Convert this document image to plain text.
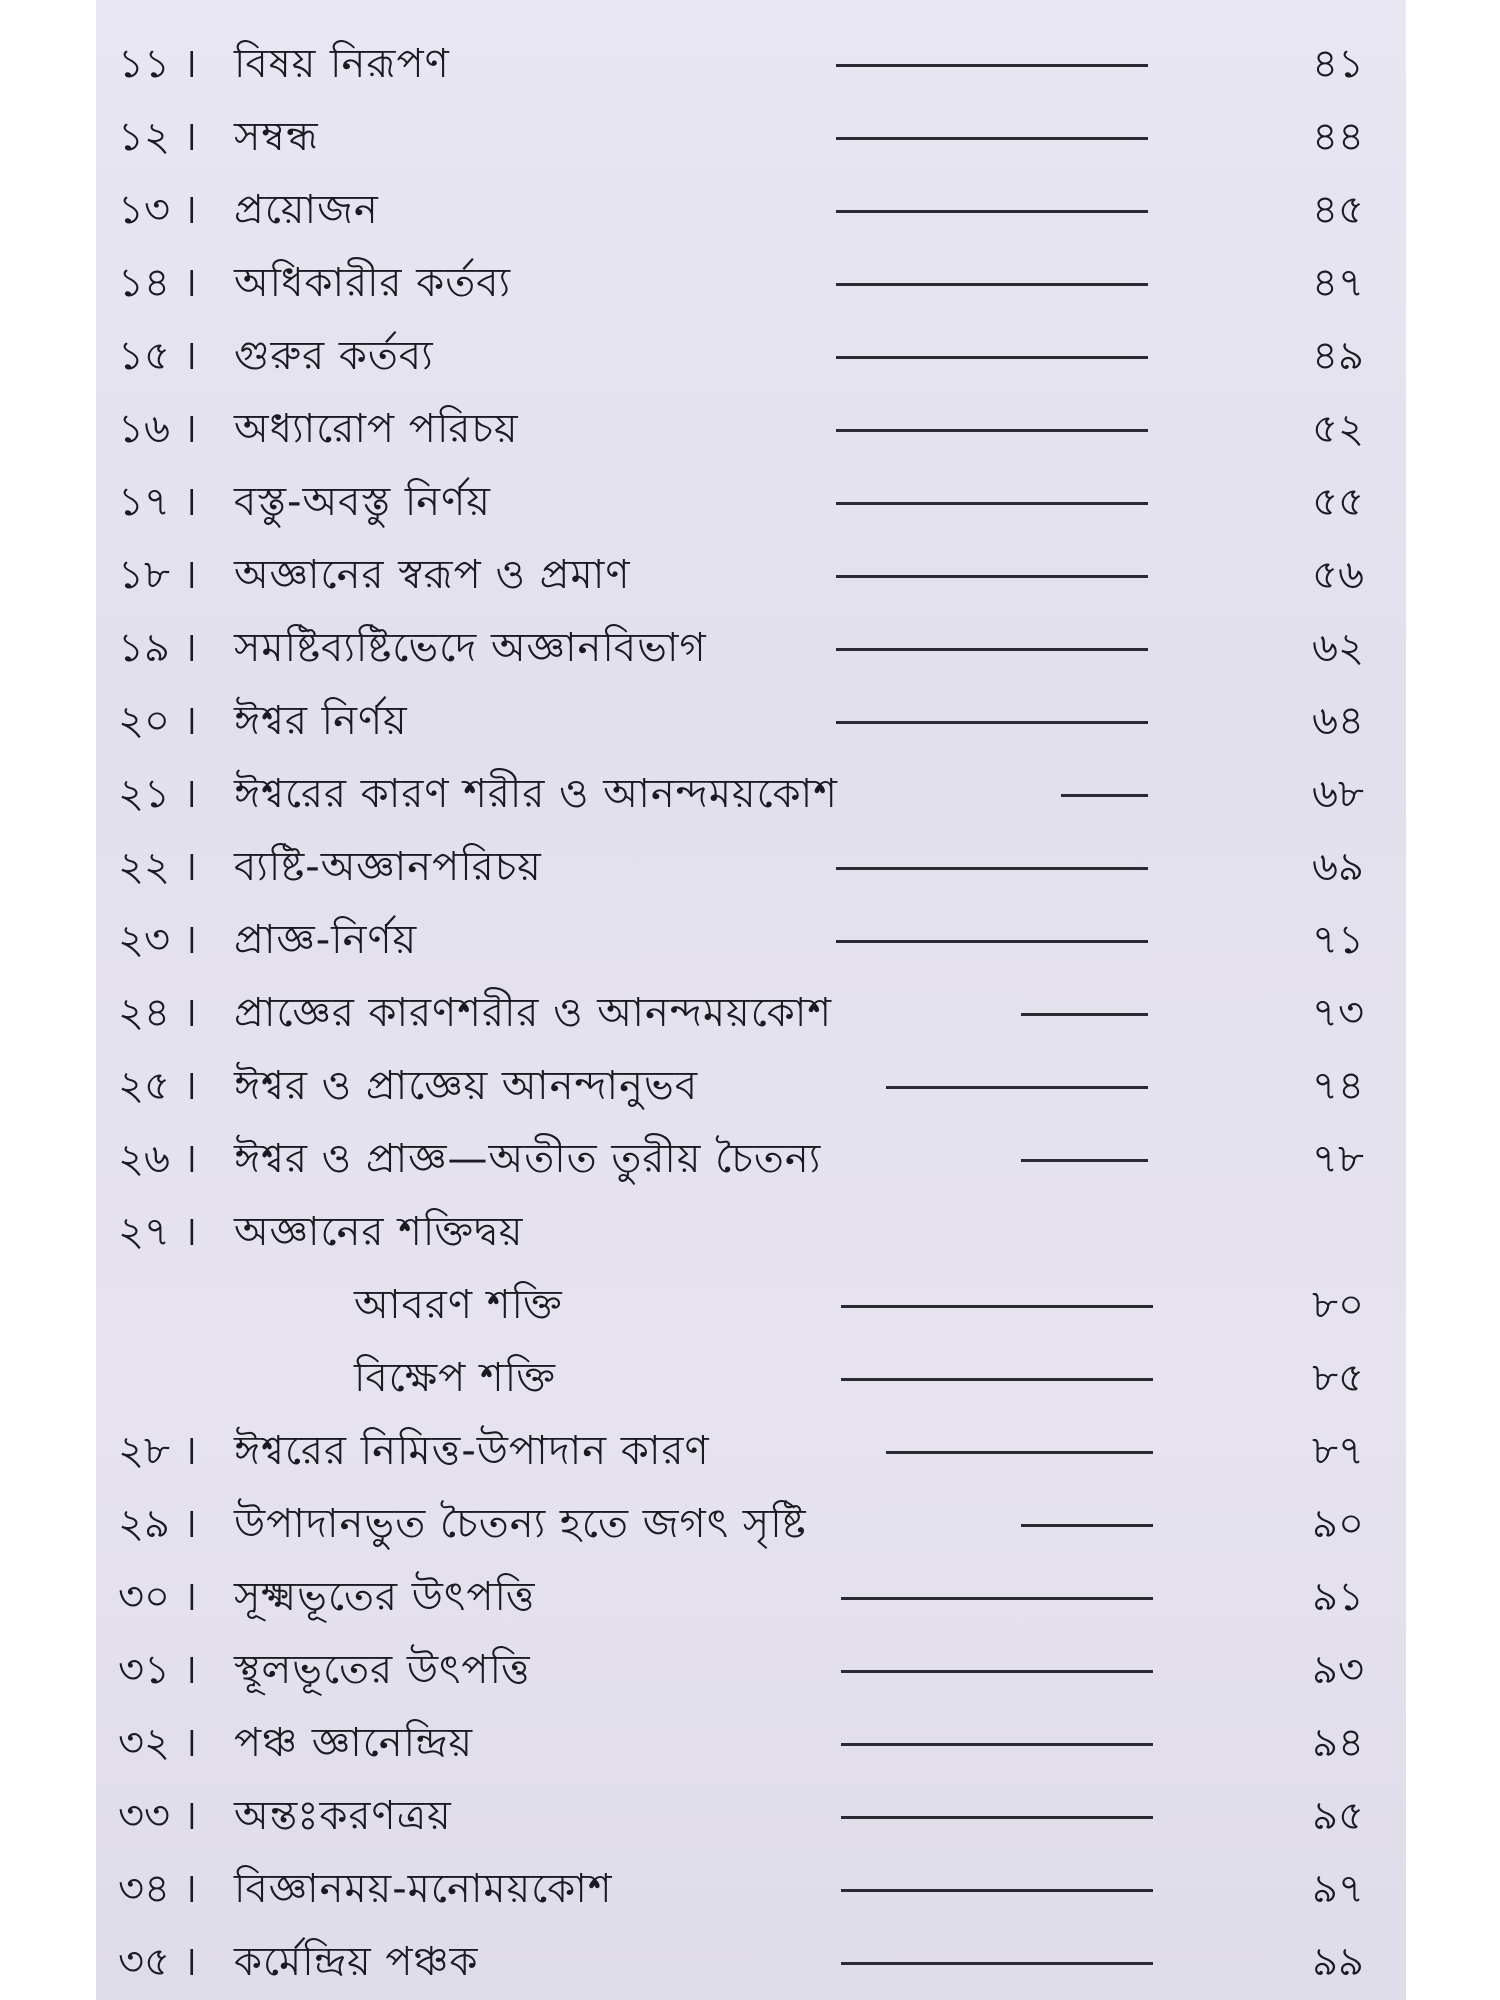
১১ । বিষয় নিরূপণ	৪১
১২ । সম্বন্ধ	৪৪
১৩ । প্রয়োজন	৪৫
১৪ । অধিকারীর কর্তব্য	৪৭
১৫ । গুরুর কর্তব্য	৪৯
১৬ । অধ্যারোপ পরিচয়	৫২
১৭ । বস্তু-অবস্তু নির্ণয়	৫৫
১৮ । অজ্ঞানের স্বরূপ ও প্রমাণ	৫৬
১৯ । সমষ্টিব্যষ্টিভেদে অজ্ঞানবিভাগ	৬২
২০ । ঈশ্বর নির্ণয়	৬৪
২১ । ঈশ্বরের কারণ শরীর ও আনন্দময়কোশ	৬৮
২২ । ব্যষ্টি-অজ্ঞানপরিচয়	৬৯
২৩ । প্রাজ্ঞ-নির্ণয়	৭১
২৪ । প্রাজ্ঞের কারণশরীর ও আনন্দময়কোশ	৭৩
২৫ । ঈশ্বর ও প্রাজ্ঞেয় আনন্দানুভব	৭৪
২৬ । ঈশ্বর ও প্রাজ্ঞ—অতীত তুরীয় চৈতন্য	৭৮
২৭ । অজ্ঞানের শক্তিদ্বয়
আবরণ শক্তি	৮০
বিক্ষেপ শক্তি	৮৫
২৮ । ঈশ্বরের নিমিত্ত-উপাদান কারণ	৮৭
২৯ । উপাদানভুত চৈতন্য হতে জগৎ সৃষ্টি	৯০
৩০ । সূক্ষ্মভূতের উৎপত্তি	৯১
৩১ । স্থূলভূতের উৎপত্তি	৯৩
৩২ । পঞ্চ জ্ঞানেন্দ্রিয়	৯৪
৩৩ । অন্তঃকরণত্রয়	৯৫
৩৪ । বিজ্ঞানময়-মনোময়কোশ	৯৭
৩৫ । কর্মেন্দ্রিয় পঞ্চক	৯৯
